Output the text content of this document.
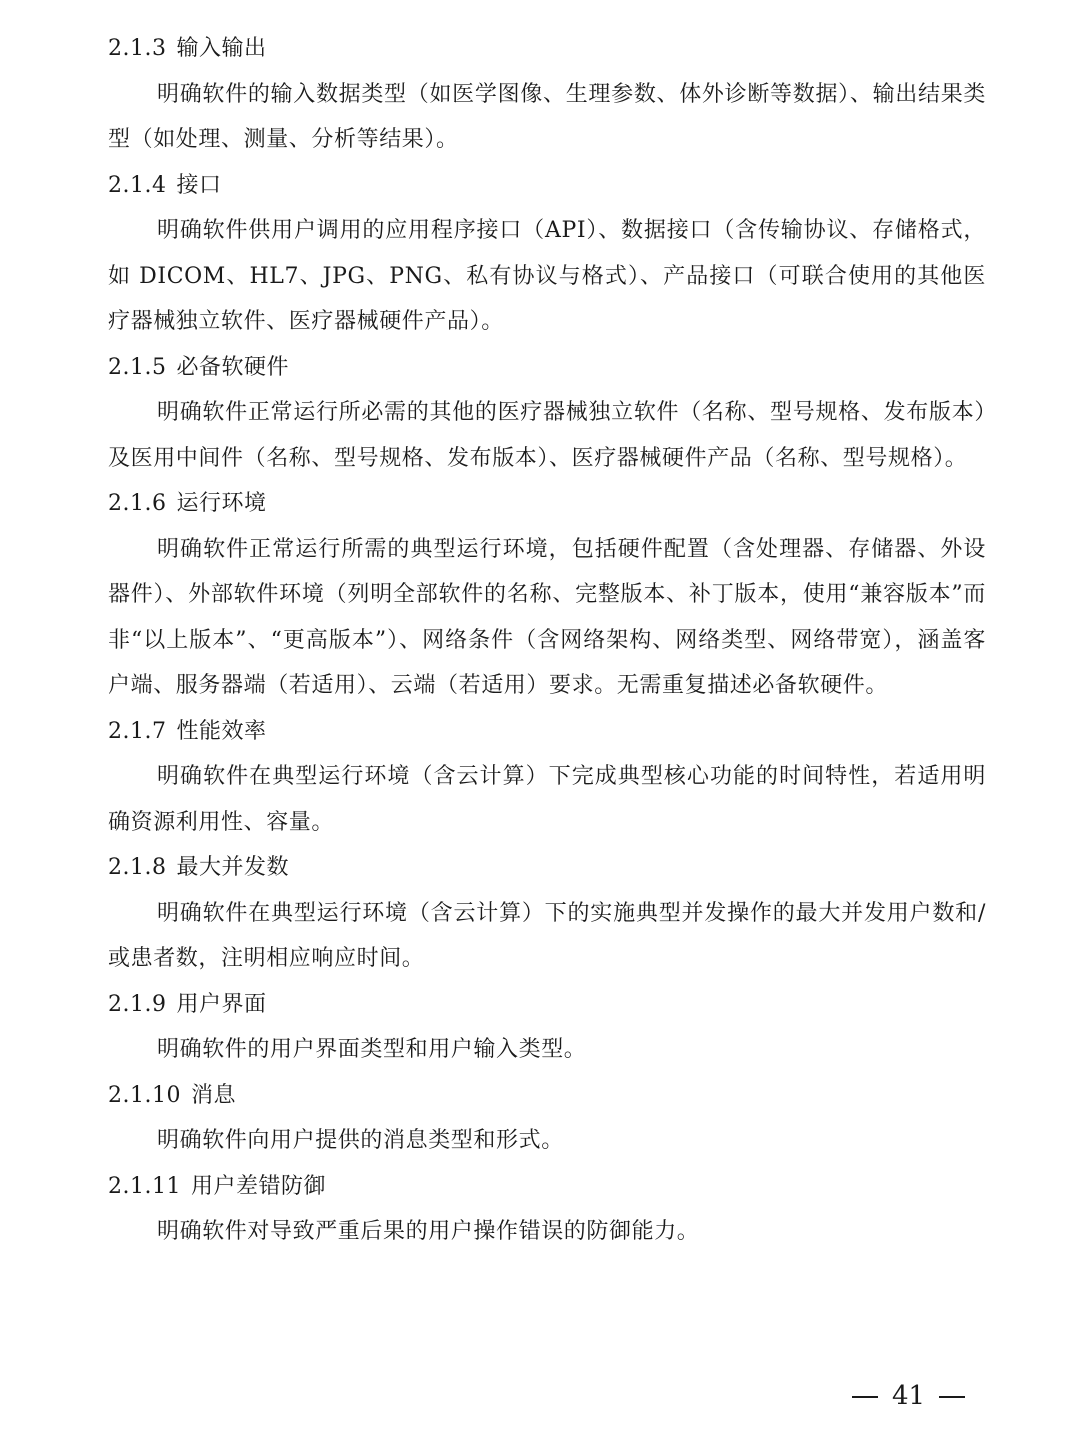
2.1.3 输入输出

明确软件的输入数据类型（如医学图像、生理参数、体外诊断等数据）、输出结果类型（如处理、测量、分析等结果）。

2.1.4 接口

明确软件供用户调用的应用程序接口（API）、数据接口（含传输协议、存储格式，如 DICOM、HL7、JPG、PNG、私有协议与格式）、产品接口（可联合使用的其他医疗器械独立软件、医疗器械硬件产品）。

2.1.5 必备软硬件

明确软件正常运行所必需的其他的医疗器械独立软件（名称、型号规格、发布版本）及医用中间件（名称、型号规格、发布版本）、医疗器械硬件产品（名称、型号规格）。

2.1.6 运行环境

明确软件正常运行所需的典型运行环境，包括硬件配置（含处理器、存储器、外设器件）、外部软件环境（列明全部软件的名称、完整版本、补丁版本，使用“兼容版本”而非“以上版本”、“更高版本”）、网络条件（含网络架构、网络类型、网络带宽），涵盖客户端、服务器端（若适用）、云端（若适用）要求。无需重复描述必备软硬件。

2.1.7 性能效率

明确软件在典型运行环境（含云计算）下完成典型核心功能的时间特性，若适用明确资源利用性、容量。

2.1.8 最大并发数

明确软件在典型运行环境（含云计算）下的实施典型并发操作的最大并发用户数和/或患者数，注明相应响应时间。

2.1.9 用户界面

明确软件的用户界面类型和用户输入类型。

2.1.10 消息

明确软件向用户提供的消息类型和形式。

2.1.11 用户差错防御

明确软件对导致严重后果的用户操作错误的防御能力。

41
